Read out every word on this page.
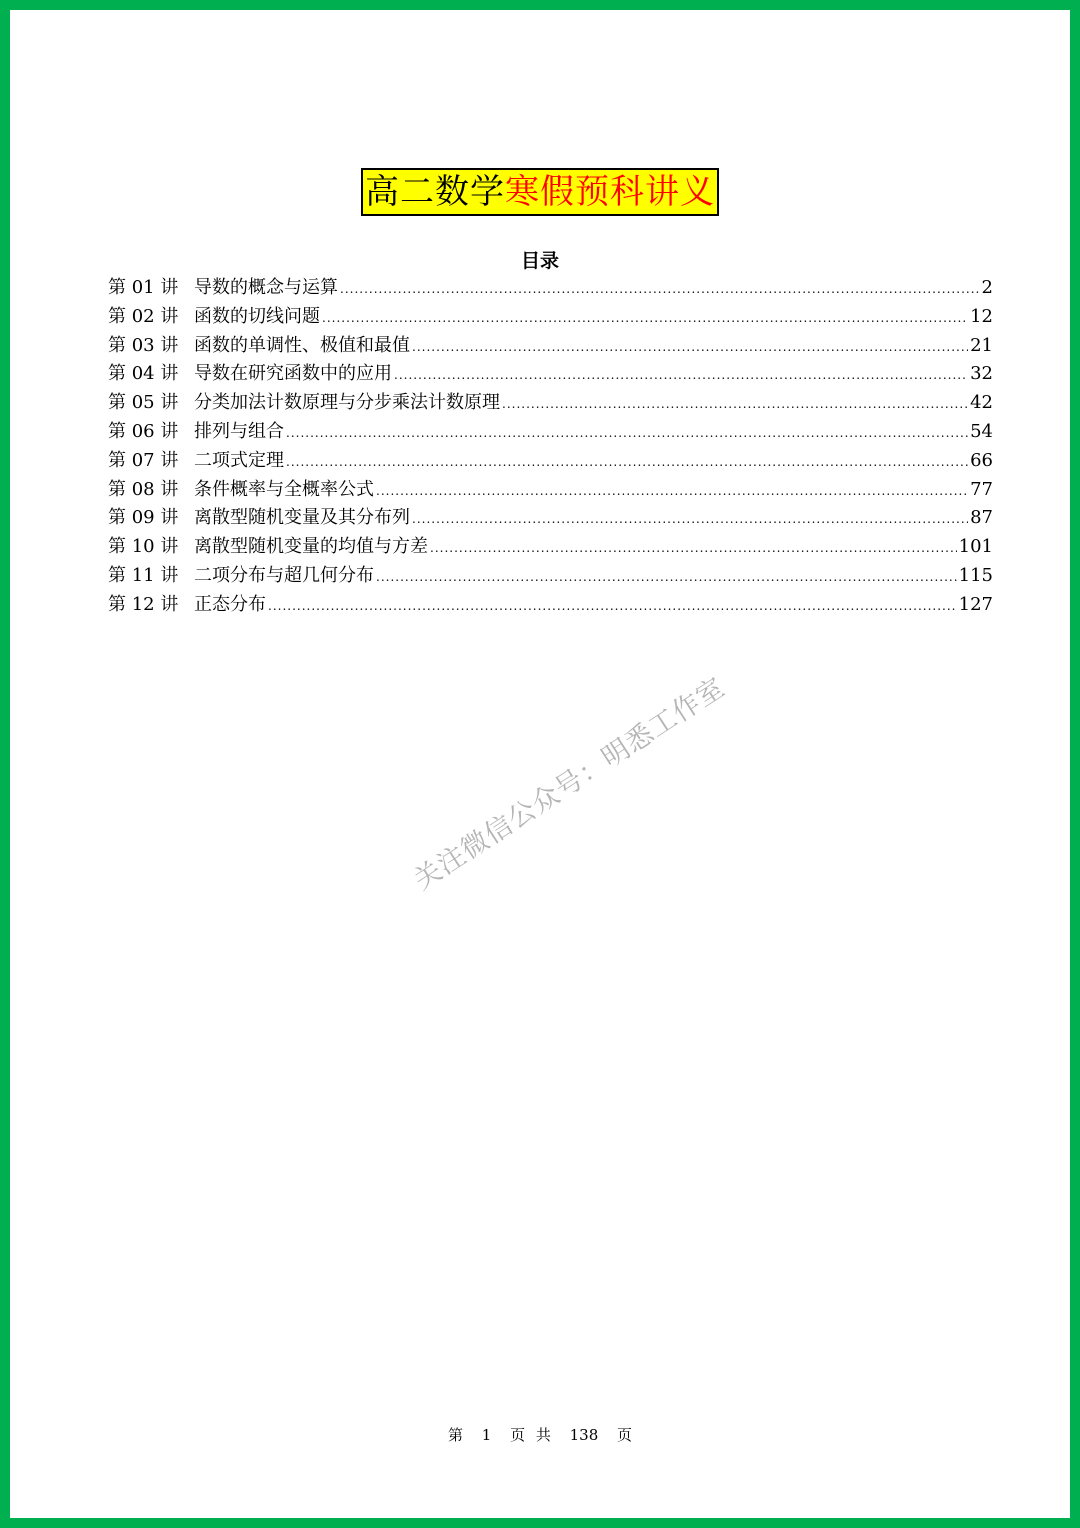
高二数学寒假预科讲义
目录
第 01 讲 导数的概念与运算 .....	2
第 02 讲 函数的切线问题 .....	12
第 03 讲 函数的单调性、极值和最值 .....	21
第 04 讲 导数在研究函数中的应用 .....	32
第 05 讲 分类加法计数原理与分步乘法计数原理 .....	42
第 06 讲 排列与组合 .....	54
第 07 讲 二项式定理 .....	66
第 08 讲 条件概率与全概率公式 .....	77
第 09 讲 离散型随机变量及其分布列 .....	87
第 10 讲 离散型随机变量的均值与方差 .....	101
第 11 讲 二项分布与超几何分布 .....	115
第 12 讲 正态分布 .....	127
关注微信公众号：明悉工作室
第 1 页 共 138 页
